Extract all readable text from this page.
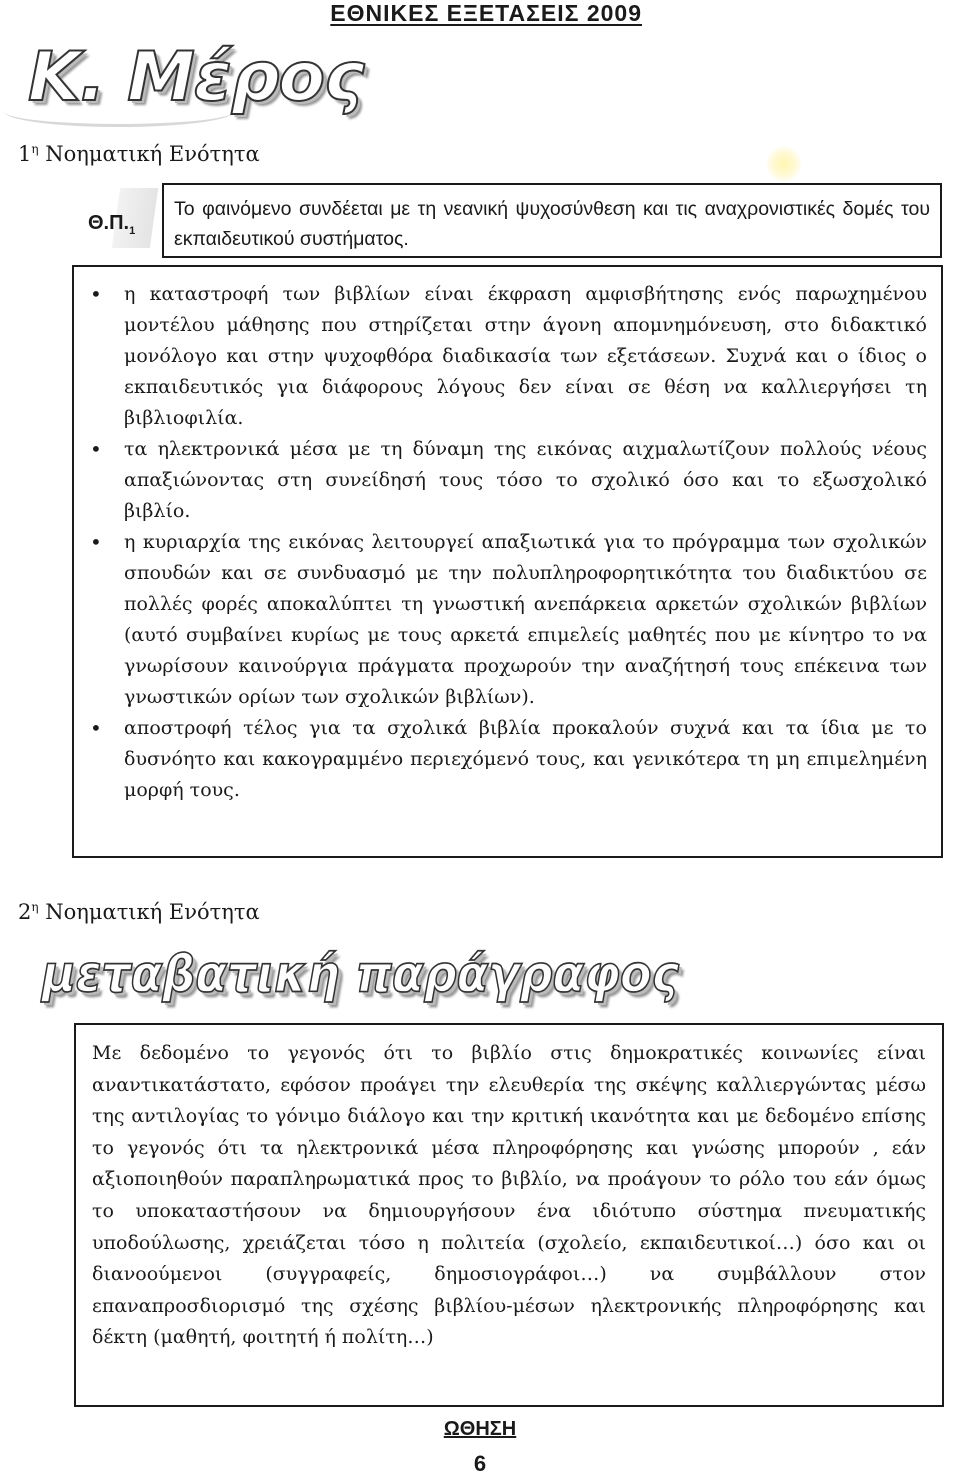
ΕΘΝΙΚΕΣ ΕΞΕΤΑΣΕΙΣ 2009
Κ. Μέρος
$1^\eta$ Νοηματική Ενότητα
$\Theta.\Pi._1$
Το φαινόμενο συνδέεται με τη νεανική ψυχοσύνθεση και τις αναχρονιστικές δομές του εκπαιδευτικού συστήματος.
• η καταστροφή των βιβλίων είναι έκφραση αμφισβήτησης ενός παρωχημένου μοντέλου μάθησης που στηρίζεται στην άγονη απομνημόνευση, στο διδακτικό μονόλογο και στην ψυχοφθόρα διαδικασία των εξετάσεων. Συχνά και ο ίδιος ο εκπαιδευτικός για διάφορους λόγους δεν είναι σε θέση να καλλιεργήσει τη βιβλιοφιλία.
• τα ηλεκτρονικά μέσα με τη δύναμη της εικόνας αιχμαλωτίζουν πολλούς νέους απαξιώνοντας στη συνείδησή τους τόσο το σχολικό όσο και το εξωσχολικό βιβλίο.
• η κυριαρχία της εικόνας λειτουργεί απαξιωτικά για το πρόγραμμα των σχολικών σπουδών και σε συνδυασμό με την πολυπληροφορητικότητα του διαδικτύου σε πολλές φορές αποκαλύπτει τη γνωστική ανεπάρκεια αρκετών σχολικών βιβλίων (αυτό συμβαίνει κυρίως με τους αρκετά επιμελείς μαθητές που με κίνητρο το να γνωρίσουν καινούργια πράγματα προχωρούν την αναζήτησή τους επέκεινα των γνωστικών ορίων των σχολικών βιβλίων).
• αποστροφή τέλος για τα σχολικά βιβλία προκαλούν συχνά και τα ίδια με το δυσνόητο και κακογραμμένο περιεχόμενό τους, και γενικότερα τη μη επιμελημένη μορφή τους.
$2^\eta$ Νοηματική Ενότητα
μεταβατική παράγραφος
Με δεδομένο το γεγονός ότι το βιβλίο στις δημοκρατικές κοινωνίες είναι αναντικατάστατο, εφόσον προάγει την ελευθερία της σκέψης καλλιεργώντας μέσω της αντιλογίας το γόνιμο διάλογο και την κριτική ικανότητα και με δεδομένο επίσης το γεγονός ότι τα ηλεκτρονικά μέσα πληροφόρησης και γνώσης μπορούν , εάν αξιοποιηθούν παραπληρωματικά προς το βιβλίο, να προάγουν το ρόλο του εάν όμως το υποκαταστήσουν να δημιουργήσουν ένα ιδιότυπο σύστημα πνευματικής υποδούλωσης, χρειάζεται τόσο η πολιτεία (σχολείο, εκπαιδευτικοί…) όσο και οι διανοούμενοι (συγγραφείς, δημοσιογράφοι…) να συμβάλλουν στον επαναπροσδιορισμό της σχέσης βιβλίου-μέσων ηλεκτρονικής πληροφόρησης και δέκτη (μαθητή, φοιτητή ή πολίτη…)
ΩΘΗΣΗ
6
